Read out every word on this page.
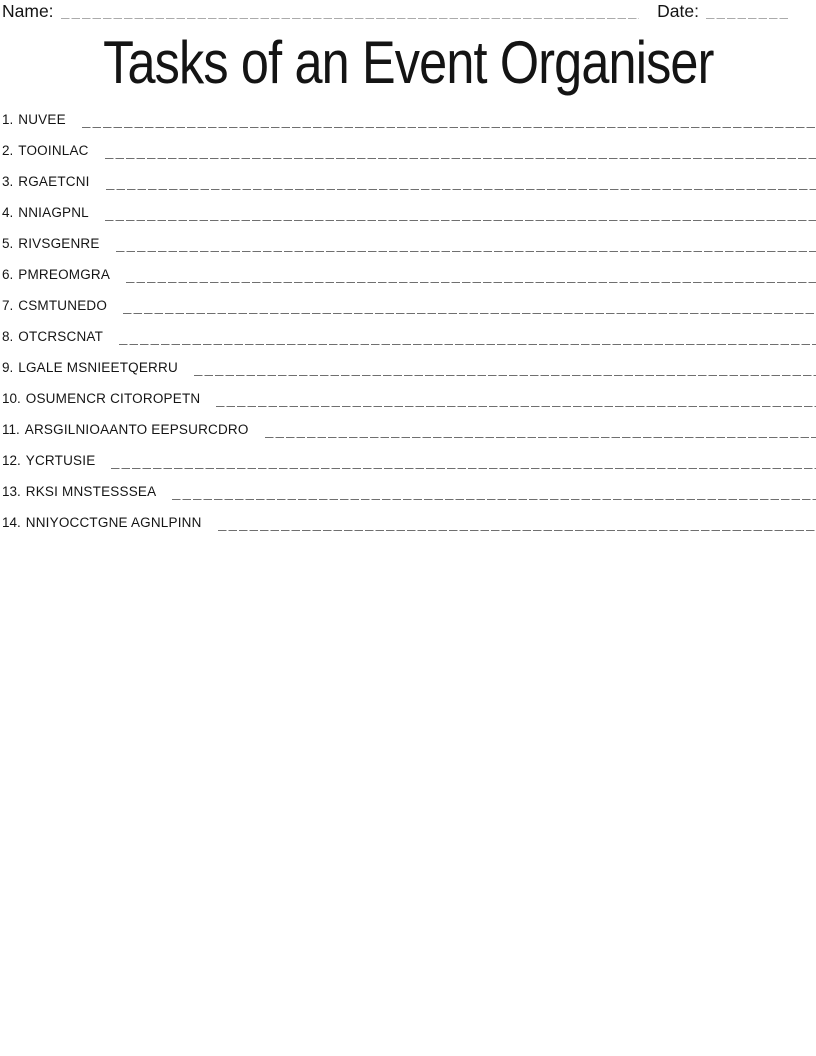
Name:	Date:
Tasks of an Event Organiser
1. NUVEE
2. TOOINLAC
3. RGAETCNI
4. NNIAGPNL
5. RIVSGENRE
6. PMREOMGRA
7. CSMTUNEDO
8. OTCRSCNAT
9. LGALE MSNIEETQERRU
10. OSUMENCR CITOROPETN
11. ARSGILNIOAANTO EEPSURCDRO
12. YCRTUSIE
13. RKSI MNSTESSSEA
14. NNIYOCCTGNE AGNLPINN
